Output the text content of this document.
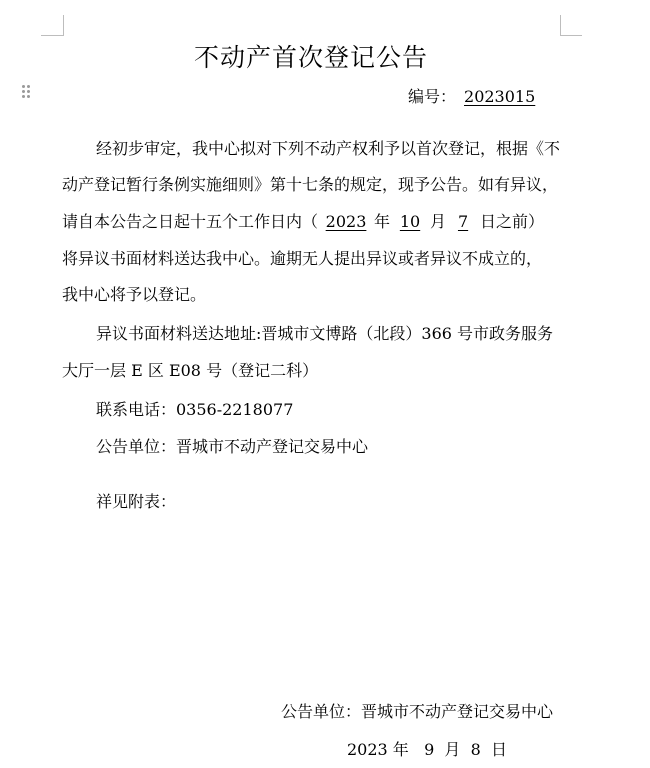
不动产首次登记公告
编号： 2023015
经初步审定，我中心拟对下列不动产权利予以首次登记，根据《不
动产登记暂行条例实施细则》第十七条的规定，现予公告。如有异议，
请自本公告之日起十五个工作日内（ 2023 年 10 月 7 日之前）
将异议书面材料送达我中心。逾期无人提出异议或者异议不成立的，
我中心将予以登记。
异议书面材料送达地址:晋城市文博路（北段）366 号市政务服务
大厅一层 E 区 E08 号（登记二科）
联系电话：0356-2218077
公告单位：晋城市不动产登记交易中心
祥见附表：
公告单位：晋城市不动产登记交易中心
2023 年   9  月  8  日
